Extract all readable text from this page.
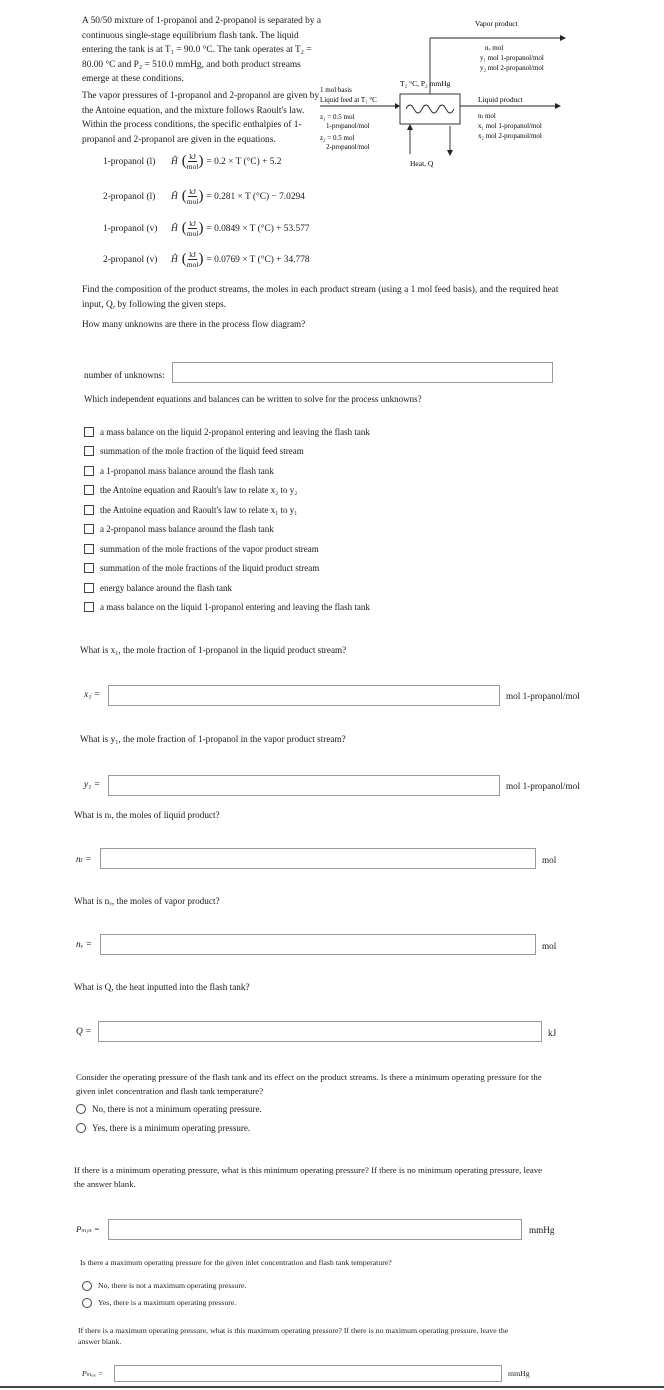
A 50/50 mixture of 1-propanol and 2-propanol is separated by a continuous single-stage equilibrium flash tank. The liquid entering the tank is at T₁ = 90.0 °C. The tank operates at T₂ = 80.00 °C and P₂ = 510.0 mmHg, and both product streams emerge at these conditions.
The vapor pressures of 1-propanol and 2-propanol are given by the Antoine equation, and the mixture follows Raoult's law. Within the process conditions, the specific enthalpies of 1-propanol and 2-propanol are given in the equations.
Heat, Q
T₂ °C, P₂ mmHg
Vapor product
nᵥ mol
y₁ mol 1-propanol/mol
y₂ mol 2-propanol/mol
Liquid product
nₗ mol
x₁ mol 1-propanol/mol
x₂ mol 2-propanol/mol
1 mol basis
Liquid feed at T₁ °C
z₁ = 0.5 mol
1-propanol/mol
z₂ = 0.5 mol
2-propanol/mol
1-propanol (l)	Ĥ ( $\frac{kJ}{\text{mol}}$ ) = 0.2 × T (°C) + 5.2
2-propanol (l)	Ĥ ( $\frac{kJ}{\text{mol}}$ ) = 0.281 × T (°C) − 7.0294
1-propanol (v)	Ĥ ( $\frac{kJ}{\text{mol}}$ ) = 0.0849 × T (°C) + 53.577
2-propanol (v)	Ĥ ( $\frac{kJ}{\text{mol}}$ ) = 0.0769 × T (°C) + 34.778
Find the composition of the product streams, the moles in each product stream (using a 1 mol feed basis), and the required heat input, Q, by following the given steps.
How many unknowns are there in the process flow diagram?
number of unknowns:
Which independent equations and balances can be written to solve for the process unknowns?
a mass balance on the liquid 2-propanol entering and leaving the flash tank
summation of the mole fraction of the liquid feed stream
a 1-propanol mass balance around the flash tank
the Antoine equation and Raoult's law to relate x₂ to y₂
the Antoine equation and Raoult's law to relate x₁ to y₁
a 2-propanol mass balance around the flash tank
summation of the mole fractions of the vapor product stream
summation of the mole fractions of the liquid product stream
energy balance around the flash tank
a mass balance on the liquid 1-propanol entering and leaving the flash tank
What is x₁, the mole fraction of 1-propanol in the liquid product stream?
x₁ =	mol 1-propanol/mol
What is y₁, the mole fraction of 1-propanol in the vapor product stream?
y₁ =	mol 1-propanol/mol
What is nₗ, the moles of liquid product?
nₗ =	mol
What is nᵥ, the moles of vapor product?
nᵥ =	mol
What is Q, the heat inputted into the flash tank?
Q =	kJ
Consider the operating pressure of the flash tank and its effect on the product streams. Is there a minimum operating pressure for the given inlet concentration and flash tank temperature?
No, there is not a minimum operating pressure.
Yes, there is a minimum operating pressure.
If there is a minimum operating pressure, what is this minimum operating pressure? If there is no minimum operating pressure, leave the answer blank.
Pₘᵢₙ =	mmHg
Is there a maximum operating pressure for the given inlet concentration and flash tank temperature?
No, there is not a maximum operating pressure.
Yes, there is a maximum operating pressure.
If there is a maximum operating pressure, what is this maximum operating pressure? If there is no maximum operating pressure, leave the answer blank.
Pₘₐₓ =	mmHg
